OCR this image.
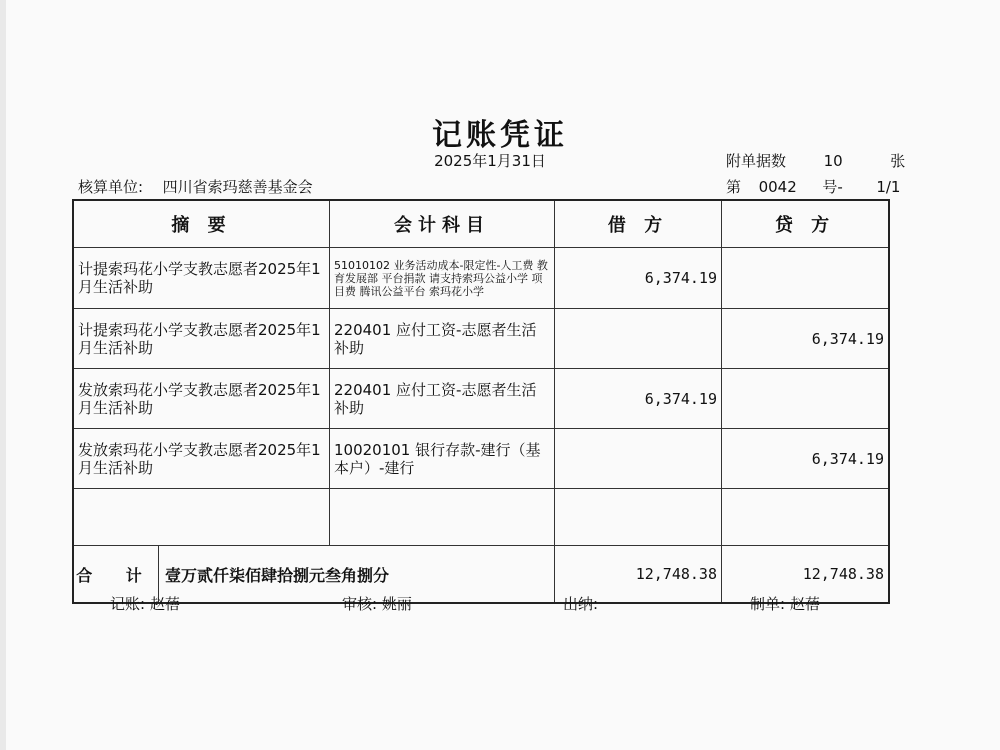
记账凭证
2025年1月31日	附单据数	10	张
核算单位: 四川省索玛慈善基金会	第 0042 号- 1/1
摘 要		会计科目	借 方	贷 方
计提索玛花小学支教志愿者2025年1月生活补助		51010102 业务活动成本-限定性-人工费 教育发展部 平台捐款 请支持索玛公益小学 项目费 腾讯公益平台 索玛花小学	6,374.19	
计提索玛花小学支教志愿者2025年1月生活补助		220401 应付工资-志愿者生活补助		6,374.19
发放索玛花小学支教志愿者2025年1月生活补助		220401 应付工资-志愿者生活补助	6,374.19	
发放索玛花小学支教志愿者2025年1月生活补助		10020101 银行存款-建行（基本户）-建行		6,374.19

合 计	壹万贰仟柒佰肆拾捌元叁角捌分		12,748.38	12,748.38
记账: 赵蓓	审核: 姚丽	出纳:	制单: 赵蓓
